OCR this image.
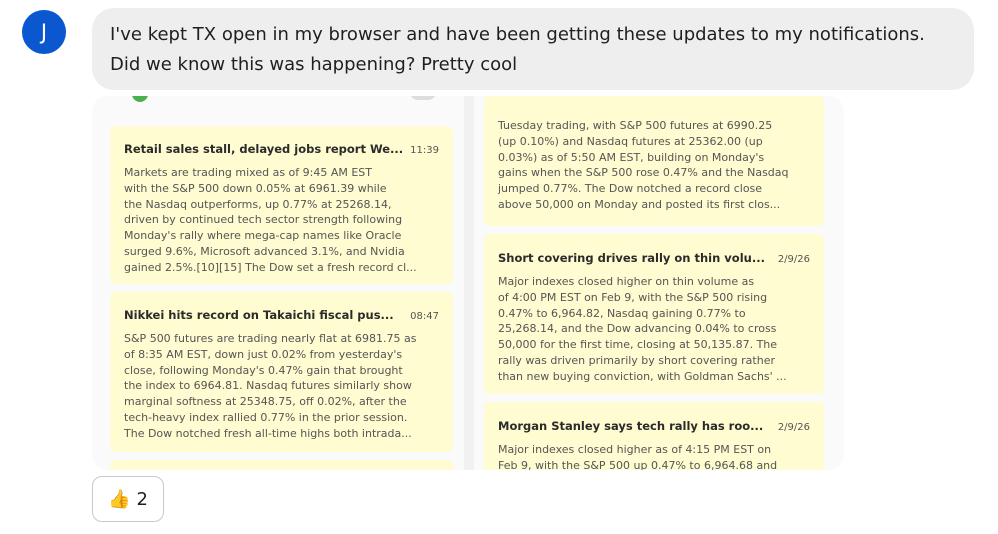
J	I've kept TX open in my browser and have been getting these updates to my notifications.

Did we know this was happening? Pretty cool

Retail sales stall, delayed jobs report We... 11:39
Markets are trading mixed as of 9:45 AM EST
with the S&P 500 down 0.05% at 6961.39 while
the Nasdaq outperforms, up 0.77% at 25268.14,
driven by continued tech sector strength following
Monday's rally where mega-cap names like Oracle
surged 9.6%, Microsoft advanced 3.1%, and Nvidia
gained 2.5%.[10][15] The Dow set a fresh record cl...
Nikkei hits record on Takaichi fiscal pus... 08:47
S&P 500 futures are trading nearly flat at 6981.75 as
of 8:35 AM EST, down just 0.02% from yesterday's
close, following Monday's 0.47% gain that brought
the index to 6964.81. Nasdaq futures similarly show
marginal softness at 25348.75, off 0.02%, after the
tech-heavy index rallied 0.77% in the prior session.
The Dow notched fresh all-time highs both intrada...
Tuesday trading, with S&P 500 futures at 6990.25
(up 0.10%) and Nasdaq futures at 25362.00 (up
0.03%) as of 5:50 AM EST, building on Monday's
gains when the S&P 500 rose 0.47% and the Nasdaq
jumped 0.77%. The Dow notched a record close
above 50,000 on Monday and posted its first clos...
Short covering drives rally on thin volu... 2/9/26
Major indexes closed higher on thin volume as
of 4:00 PM EST on Feb 9, with the S&P 500 rising
0.47% to 6,964.82, Nasdaq gaining 0.77% to
25,268.14, and the Dow advancing 0.04% to cross
50,000 for the first time, closing at 50,135.87. The
rally was driven primarily by short covering rather
than new buying conviction, with Goldman Sachs' ...
Morgan Stanley says tech rally has roo... 2/9/26
Major indexes closed higher as of 4:15 PM EST on
Feb 9, with the S&P 500 up 0.47% to 6,964.68 and
👍 2
